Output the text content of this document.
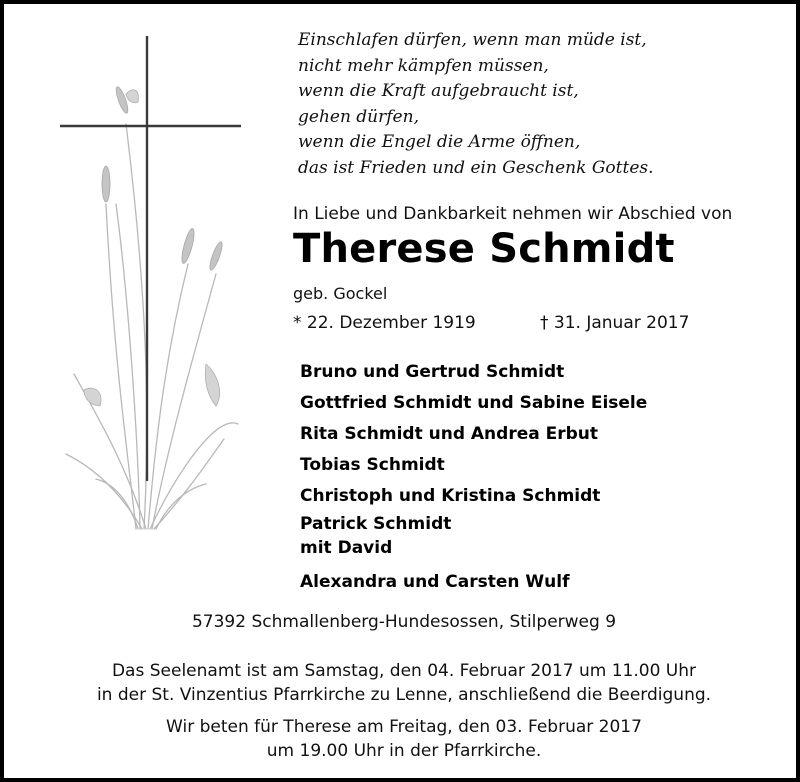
Einschlafen dürfen, wenn man müde ist,
nicht mehr kämpfen müssen,
wenn die Kraft aufgebraucht ist,
gehen dürfen,
wenn die Engel die Arme öffnen,
das ist Frieden und ein Geschenk Gottes.
In Liebe und Dankbarkeit nehmen wir Abschied von
Therese Schmidt
geb. Gockel
* 22. Dezember 1919	† 31. Januar 2017
Bruno und Gertrud Schmidt
Gottfried Schmidt und Sabine Eisele
Rita Schmidt und Andrea Erbut
Tobias Schmidt
Christoph und Kristina Schmidt
Patrick Schmidt
mit David
Alexandra und Carsten Wulf
57392 Schmallenberg-Hundesossen, Stilperweg 9
Das Seelenamt ist am Samstag, den 04. Februar 2017 um 11.00 Uhr
in der St. Vinzentius Pfarrkirche zu Lenne, anschließend die Beerdigung.
Wir beten für Therese am Freitag, den 03. Februar 2017
um 19.00 Uhr in der Pfarrkirche.
